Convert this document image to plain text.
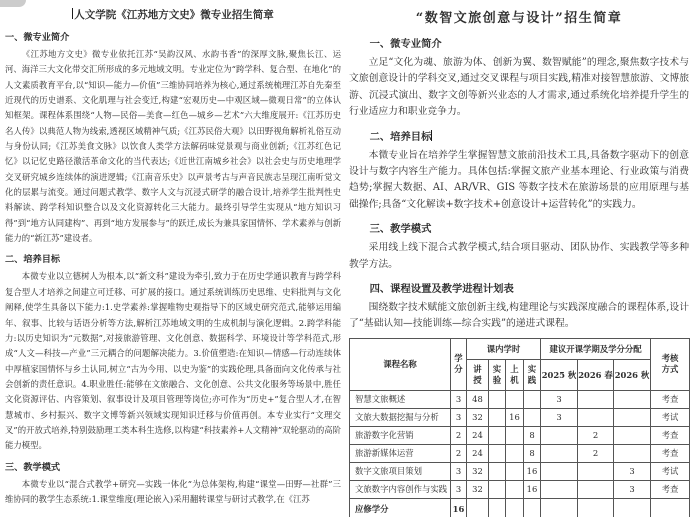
人文学院《江苏地方文史》微专业招生简章
一、微专业简介

《江苏地方文史》微专业依托江苏“吴韵汉风、水韵书香”的深厚文脉,聚焦长江、运河、海洋三大文化带交汇所形成的多元地域文明。专业定位为“跨学科、复合型、在地化”的人文素质教育平台,以“知识—能力—价值”三维协同培养为核心,通过系统梳理江苏自先秦至近现代的历史谱系、文化肌理与社会变迁,构建“宏观历史—中观区域—微观日常”的立体认知框架。课程体系围绕“人物—民俗—美食—红色—城乡—艺术”六大维度展开:《江苏历史名人传》以典范人物为线索,透视区域精神气质;《江苏民俗大观》以田野视角解析礼俗互动与身份认同;《江苏美食文脉》以饮食人类学方法解码味觉景观与商业创新;《江苏红色记忆》以记忆史路径激活革命文化的当代表达;《近世江南城乡社会》以社会史与历史地理学交叉研究城乡连续体的演进逻辑;《江南音乐史》以声景考古与声音民族志呈现江南听觉文化的层累与流变。通过问题式教学、数字人文与沉浸式研学的融合设计,培养学生批判性史料解读、跨学科知识整合以及文化资源转化三大能力。最终引导学生实现从“地方知识习得”到“地方认同建构”、再到“地方发展参与”的跃迁,成长为兼具家国情怀、学术素养与创新能力的“新江苏”建设者。

二、培养目标

本微专业以立德树人为根本,以“新文科”建设为牵引,致力于在历史学通识教育与跨学科复合型人才培养之间建立可迁移、可扩展的接口。通过系统训练历史思维、史料批判与文化阐释,使学生具备以下能力:1.史学素养:掌握唯物史观指导下的区域史研究范式,能够运用编年、叙事、比较与话语分析等方法,解析江苏地域文明的生成机制与演化逻辑。2.跨学科能力:以历史知识为“元数据”,对接旅游管理、文化创意、数据科学、环境设计等学科范式,形成“人文—科技—产业”三元耦合的问题解决能力。3.价值塑造:在知识—情感—行动连续体中厚植家国情怀与乡土认同,树立“古为今用、以史为鉴”的实践伦理,具备面向文化传承与社会创新的责任意识。4.职业胜任:能够在文旅融合、文化创意、公共文化服务等场景中,胜任文化资源评估、内容策划、叙事设计及项目管理等岗位;亦可作为“历史+”复合型人才,在智慧城市、乡村振兴、数字文博等新兴领域实现知识迁移与价值再创。本专业实行“文理交叉”的开放式培养,特别鼓励理工类本科生选修,以构建“科技素养+人文精神”双轮驱动的高阶能力模型。

三、教学模式

本微专业以“混合式教学+研究—实践一体化”为总体架构,构建“课堂—田野—社群”三维协同的教学生态系统:1.课堂维度(理论嵌入)采用翻转课堂与研讨式教学,在《江苏

“数智文旅创意与设计”招生简章
一、微专业简介

立足“文化为魂、旅游为体、创新为翼、数智赋能”的理念,聚焦数字技术与文旅创意设计的学科交叉,通过交叉课程与项目实践,精准对接智慧旅游、文博旅游、沉浸式演出、数字文创等新兴业态的人才需求,通过系统化培养提升学生的行业适应力和职业竞争力。

二、培养目标

本微专业旨在培养学生掌握智慧文旅前沿技术工具,具备数字驱动下的创意设计与数字内容生产能力。具体包括:掌握文旅产业基本理论、行业政策与消费趋势;掌握大数据、AI、AR/VR、GIS 等数字技术在旅游场景的应用原理与基础操作;具备“文化解读+数字技术+创意设计+运营转化”的实践力。

三、教学模式

采用线上线下混合式教学模式,结合项目驱动、团队协作、实践教学等多种教学方法。

四、课程设置及教学进程计划表

围绕数字技术赋能文旅创新主线,构建理论与实践深度融合的课程体系,设计了“基础认知—技能训练—综合实践”的递进式课程。

课程名称	学分	课内学时				建议开课学期及学分分配			考核方式
		讲授	实验	上机	实践	2025 秋	2026 春	2026 秋	
智慧文旅概述	3	48				3			考查
文旅大数据挖掘与分析	3	32		16		3			考试
旅游数字化营销	2	24			8		2		考查
旅游新媒体运营	2	24			8		2		考查
数字文旅项目策划	3	32			16			3	考试
文旅数字内容创作与实践	3	32			16			3	考查
应修学分	16								
